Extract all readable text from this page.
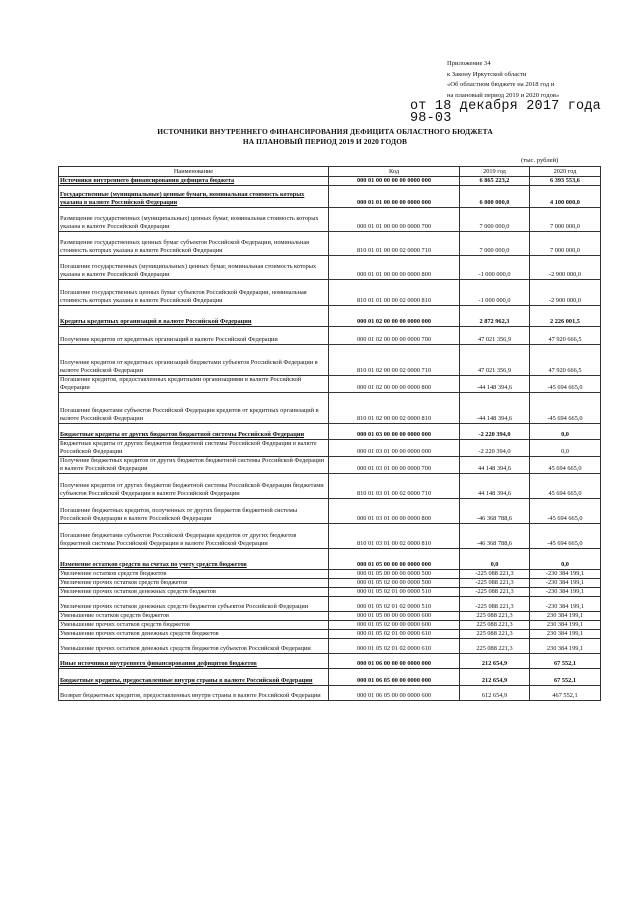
Приложение 34
к Закону Иркутской области
«Об областном бюджете на 2018 год и
на плановый период 2019 и 2020 годов»
от 18 декабря 2017 года
98-03
ИСТОЧНИКИ ВНУТРЕННЕГО ФИНАНСИРОВАНИЯ ДЕФИЦИТА ОБЛАСТНОГО БЮДЖЕТА
НА ПЛАНОВЫЙ ПЕРИОД 2019 И 2020 ГОДОВ
(тыс. рублей)
Наименование	Код	2019 год	2020 год
Источники внутреннего финансирования дефицита бюджета	000 01 00 00 00 00 0000 000	6 865 223,2	6 393 553,6
Государственные (муниципальные) ценные бумаги, номинальная стоимость которых указана в валюте Российской Федерации	000 01 01 00 00 00 0000 000	6 000 000,0	4 100 000,0
Размещение государственных (муниципальных) ценных бумаг, номинальная стоимость которых указана в валюте Российской Федерации	000 01 01 00 00 00 0000 700	7 000 000,0	7 000 000,0
Размещение государственных ценных бумаг субъектов Российской Федерации, номинальная стоимость которых указана в валюте Российской Федерации	810 01 01 00 00 02 0000 710	7 000 000,0	7 000 000,0
Погашение государственных (муниципальных) ценных бумаг, номинальная стоимость которых указана в валюте Российской Федерации	000 01 01 00 00 00 0000 800	-1 000 000,0	-2 900 000,0
Погашение государственных ценных бумаг субъектов Российской Федерации, номинальная стоимость которых указана в валюте Российской Федерации	810 01 01 00 00 02 0000 810	-1 000 000,0	-2 900 000,0
Кредиты кредитных организаций в валюте Российской Федерации	000 01 02 00 00 00 0000 000	2 872 962,3	2 226 001,5
Получение кредитов от кредитных организаций в валюте Российской Федерации	000 01 02 00 00 00 0000 700	47 021 356,9	47 920 666,5
Получение кредитов от кредитных организаций бюджетами субъектов Российской Федерации в валюте Российской Федерации	810 01 02 00 00 02 0000 710	47 021 356,9	47 920 666,5
Погашение кредитов, предоставленных кредитными организациями в валюте Российской Федерации	000 01 02 00 00 00 0000 800	-44 148 394,6	-45 694 665,0
Погашение бюджетами субъектов Российской Федерации кредитов от кредитных организаций в валюте Российской Федерации	810 01 02 00 00 02 0000 810	-44 148 394,6	-45 694 665,0
Бюджетные кредиты от других бюджетов бюджетной системы Российской Федерации	000 01 03 00 00 00 0000 000	-2 220 394,0	0,0
Бюджетные кредиты от других бюджетов бюджетной системы Российской Федерации в валюте Российской Федерации	000 01 03 01 00 00 0000 000	-2 220 394,0	0,0
Получение бюджетных кредитов от других бюджетов бюджетной системы Российской Федерации в валюте Российской Федерации	000 01 03 01 00 00 0000 700	44 148 394,6	45 694 665,0
Получение кредитов от других бюджетов бюджетной системы Российской Федерации бюджетами субъектов Российской Федерации в валюте Российской Федерации	810 01 03 01 00 02 0000 710	44 148 394,6	45 694 665,0
Погашение бюджетных кредитов, полученных от других бюджетов бюджетной системы Российской Федерации в валюте Российской Федерации	000 01 03 01 00 00 0000 800	-46 368 788,6	-45 694 665,0
Погашение бюджетами субъектов Российской Федерации кредитов от других бюджетов бюджетной системы Российской Федерации в валюте Российской Федерации	810 01 03 01 00 02 0000 810	-46 368 788,6	-45 694 665,0
Изменение остатков средств на счетах по учету средств бюджетов	000 01 05 00 00 00 0000 000	0,0	0,0
Увеличение остатков средств бюджетов	000 01 05 00 00 00 0000 500	-225 088 221,3	-230 384 199,1
Увеличение прочих остатков средств бюджетов	000 01 05 02 00 00 0000 500	-225 088 221,3	-230 384 199,1
Увеличение прочих остатков денежных средств бюджетов	000 01 05 02 01 00 0000 510	-225 088 221,3	-230 384 199,1
Увеличение прочих остатков денежных средств бюджетов субъектов Российской Федерации	000 01 05 02 01 02 0000 510	-225 088 221,3	-230 384 199,1
Уменьшение остатков средств бюджетов	000 01 05 00 00 00 0000 600	225 088 221,3	230 384 199,1
Уменьшение прочих остатков средств бюджетов	000 01 05 02 00 00 0000 600	225 088 221,3	230 384 199,1
Уменьшение прочих остатков денежных средств бюджетов	000 01 05 02 01 00 0000 610	225 088 221,3	230 384 199,1
Уменьшение прочих остатков денежных средств бюджетов субъектов Российской Федерации	000 01 05 02 01 02 0000 610	225 088 221,3	230 384 199,1
Иные источники внутреннего финансирования дефицитов бюджетов	000 01 06 00 00 00 0000 000	212 654,9	67 552,1
Бюджетные кредиты, предоставленные внутри страны в валюте Российской Федерации	000 01 06 05 00 00 0000 000	212 654,9	67 552,1
Возврат бюджетных кредитов, предоставленных внутри страны в валюте Российской Федерации	000 01 06 05 00 00 0000 600	612 654,9	467 552,1
